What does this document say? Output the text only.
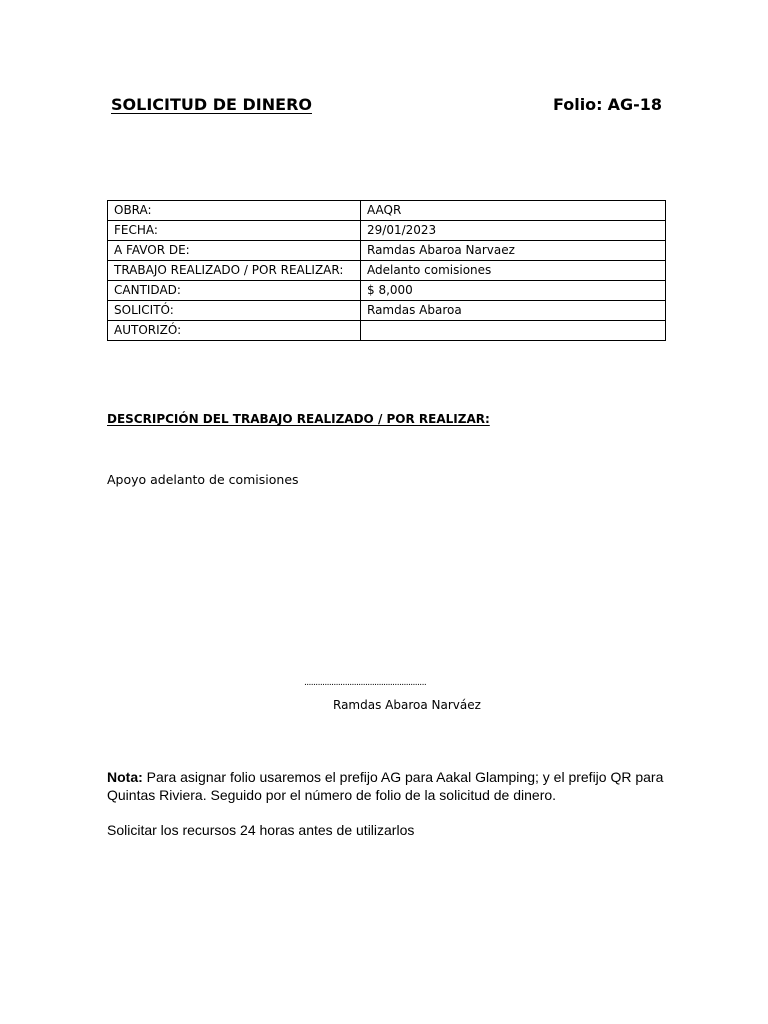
SOLICITUD DE DINERO	Folio: AG-18
OBRA:	AAQR
FECHA:	29/01/2023
A FAVOR DE:	Ramdas Abaroa Narvaez
TRABAJO REALIZADO / POR REALIZAR:	Adelanto comisiones
CANTIDAD:	$ 8,000
SOLICITÓ:	Ramdas Abaroa
AUTORIZÓ:	
DESCRIPCIÓN DEL TRABAJO REALIZADO / POR REALIZAR:
Apoyo adelanto de comisiones
......................................................
Ramdas Abaroa Narváez
Nota: Para asignar folio usaremos el prefijo AG para Aakal Glamping; y el prefijo QR para Quintas Riviera. Seguido por el número de folio de la solicitud de dinero.
Solicitar los recursos 24 horas antes de utilizarlos
